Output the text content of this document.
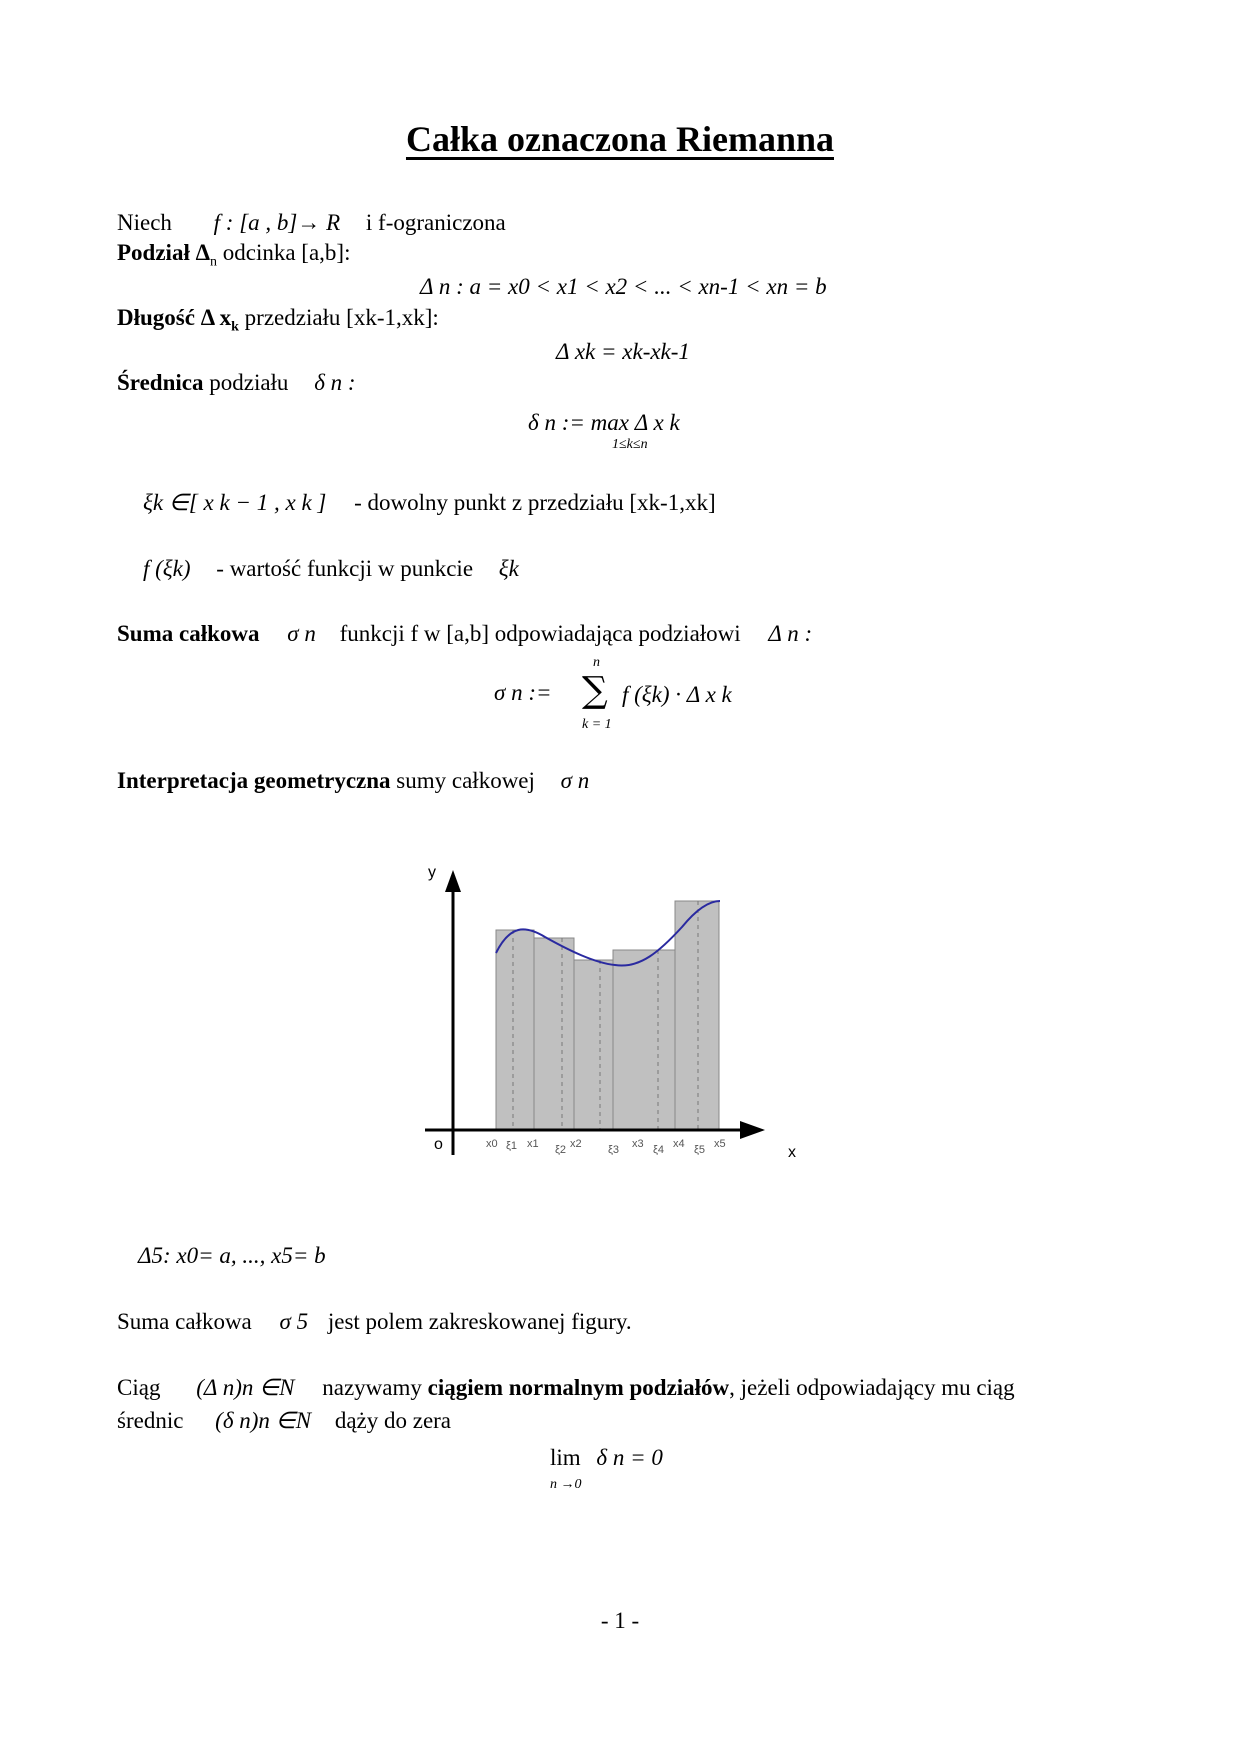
Całka oznaczona Riemanna
Niech f : [a , b]→ R i f-ograniczona
Podział $\Delta_n$ odcinka [a,b]:
Δ n : a = x0 < x1 < x2 < ... < xn-1 < xn = b
Długość Δ $x_k$ przedziału [xk-1,xk]:
Δ xk = xk-xk-1
Średnica podziału δ n :
δ n := max Δ x k
1≤k≤n
ξk ∈[ x k − 1 , x k ] - dowolny punkt z przedziału [xk-1,xk]
f (ξk) - wartość funkcji w punkcie ξk
Suma całkowa σ n funkcji f w [a,b] odpowiadająca podziałowi Δ n :
n
σ n := ∑ f (ξk) · Δ x k
k = 1
Interpretacja geometryczna sumy całkowej σ n
y
x
o	x0 ξ1 x1 ξ2 x2 ξ3 x3 ξ4 x4 ξ5 x5
Δ5: x0= a, ..., x5= b
Suma całkowa σ 5 jest polem zakreskowanej figury.
Ciąg (Δ n)n ∈N nazywamy ciągiem normalnym podziałów, jeżeli odpowiadający mu ciąg
średnic (δ n)n ∈N dąży do zera
lim δ n = 0
n →0
- 1 -
